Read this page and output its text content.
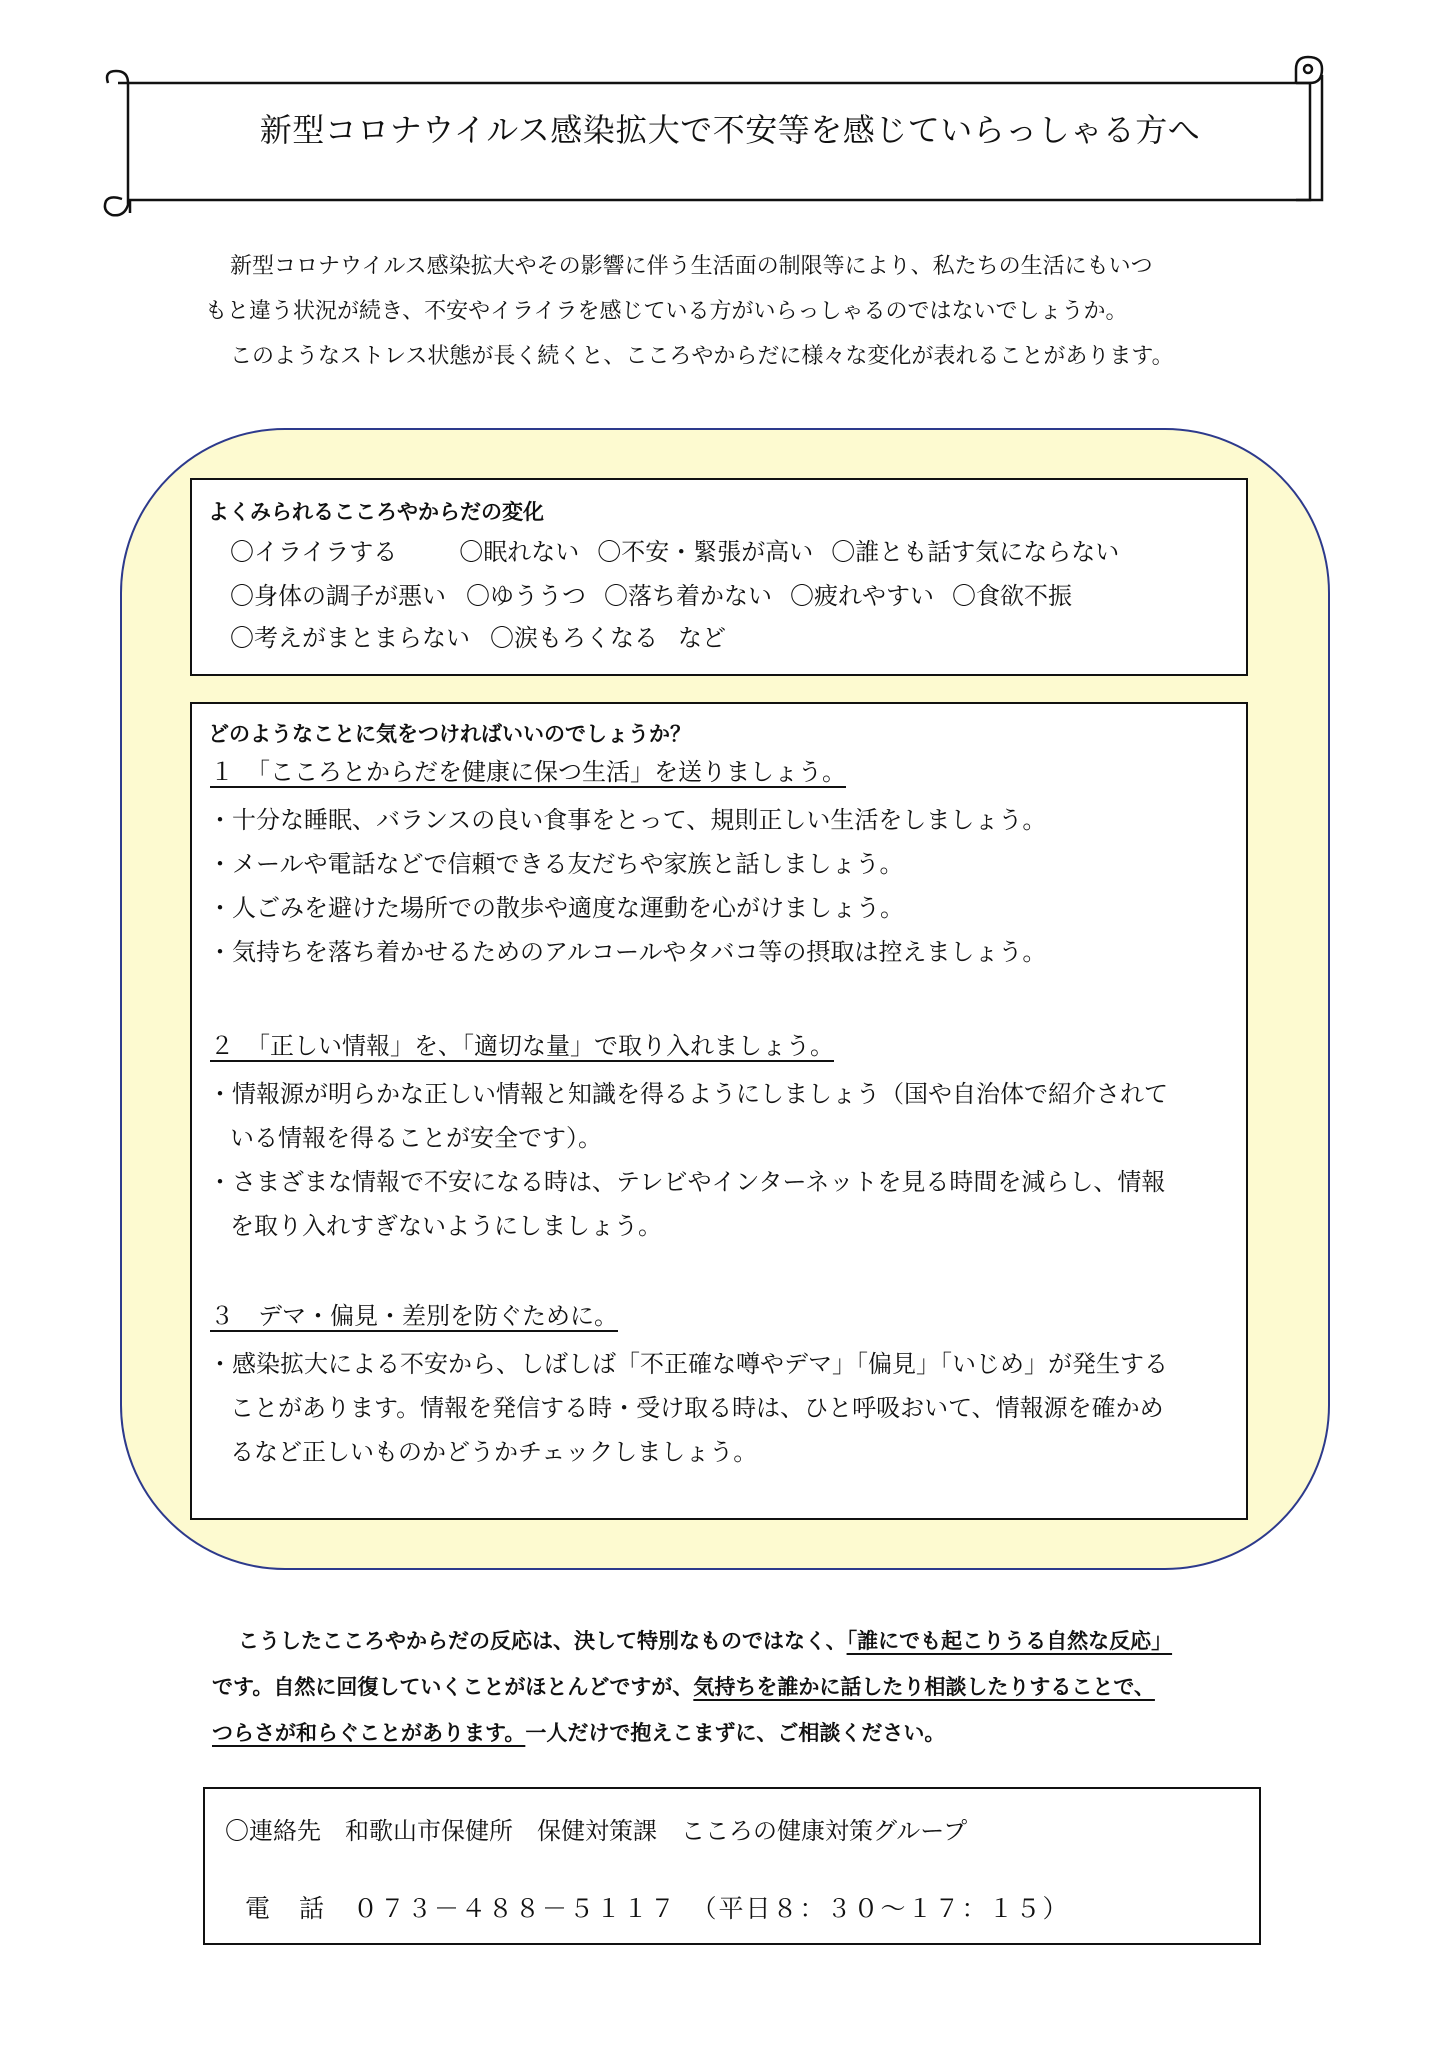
新型コロナウイルス感染拡大で不安等を感じていらっしゃる方へ

新型コロナウイルス感染拡大やその影響に伴う生活面の制限等により、私たちの生活にもいつ

もと違う状況が続き、不安やイライラを感じている方がいらっしゃるのではないでしょうか。

このようなストレス状態が長く続くと、こころやからだに様々な変化が表れることがあります。

よくみられるこころやからだの変化
〇イライラする	〇眠れない 〇不安・緊張が高い 〇誰とも話す気にならない
〇身体の調子が悪い 〇ゆううつ 〇落ち着かない 〇疲れやすい 〇食欲不振
〇考えがまとまらない 〇涙もろくなる など
どのようなことに気をつければいいのでしょうか？
１　「こころとからだを健康に保つ生活」を送りましょう。
・十分な睡眠、バランスの良い食事をとって、規則正しい生活をしましょう。
・メールや電話などで信頼できる友だちや家族と話しましょう。
・人ごみを避けた場所での散歩や適度な運動を心がけましょう。
・気持ちを落ち着かせるためのアルコールやタバコ等の摂取は控えましょう。
２　「正しい情報」を、「適切な量」で取り入れましょう。
・情報源が明らかな正しい情報と知識を得るようにしましょう（国や自治体で紹介されて
いる情報を得ることが安全です）。
・さまざまな情報で不安になる時は、テレビやインターネットを見る時間を減らし、情報
を取り入れすぎないようにしましょう。
３　デマ・偏見・差別を防ぐために。
・感染拡大による不安から、しばしば「不正確な噂やデマ」「偏見」「いじめ」が発生する
ことがあります。情報を発信する時・受け取る時は、ひと呼吸おいて、情報源を確かめ
るなど正しいものかどうかチェックしましょう。
こうしたこころやからだの反応は、決して特別なものではなく、「誰にでも起こりうる自然な反応」
です。自然に回復していくことがほとんどですが、気持ちを誰かに話したり相談したりすることで、
つらさが和らぐことがあります。一人だけで抱えこまずに、ご相談ください。
〇連絡先　和歌山市保健所　保健対策課　こころの健康対策グループ
電　話　０７３－４８８－５１１７　（平日８：３０～１７：１５）
